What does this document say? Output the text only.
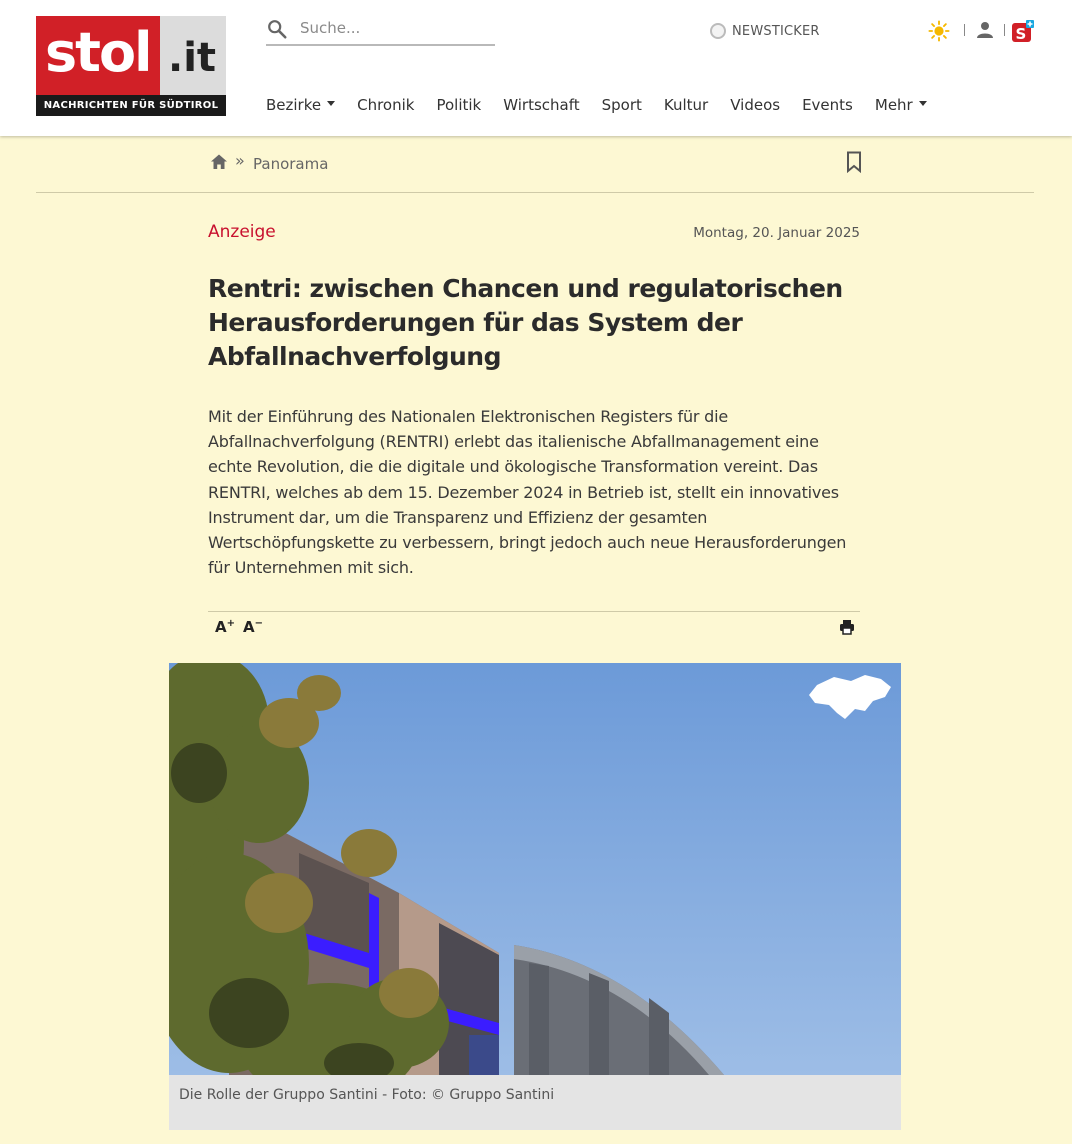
stol .it
NACHRICHTEN FÜR SÜDTIROL
Suche...
NEWSTICKER	S
Bezirke	Chronik Politik Wirtschaft Sport Kultur Videos Events Mehr
» Panorama
Anzeige	Montag, 20. Januar 2025
Rentri: zwischen Chancen und regulatorischen Herausforderungen für das System der Abfallnachverfolgung

Mit der Einführung des Nationalen Elektronischen Registers für die Abfallnachverfolgung (RENTRI) erlebt das italienische Abfallmanagement eine echte Revolution, die die digitale und ökologische Transformation vereint. Das RENTRI, welches ab dem 15. Dezember 2024 in Betrieb ist, stellt ein innovatives Instrument dar, um die Transparenz und Effizienz der gesamten Wertschöpfungskette zu verbessern, bringt jedoch auch neue Herausforderungen für Unternehmen mit sich.

A+ A−
Die Rolle der Gruppo Santini - Foto: © Gruppo Santini
